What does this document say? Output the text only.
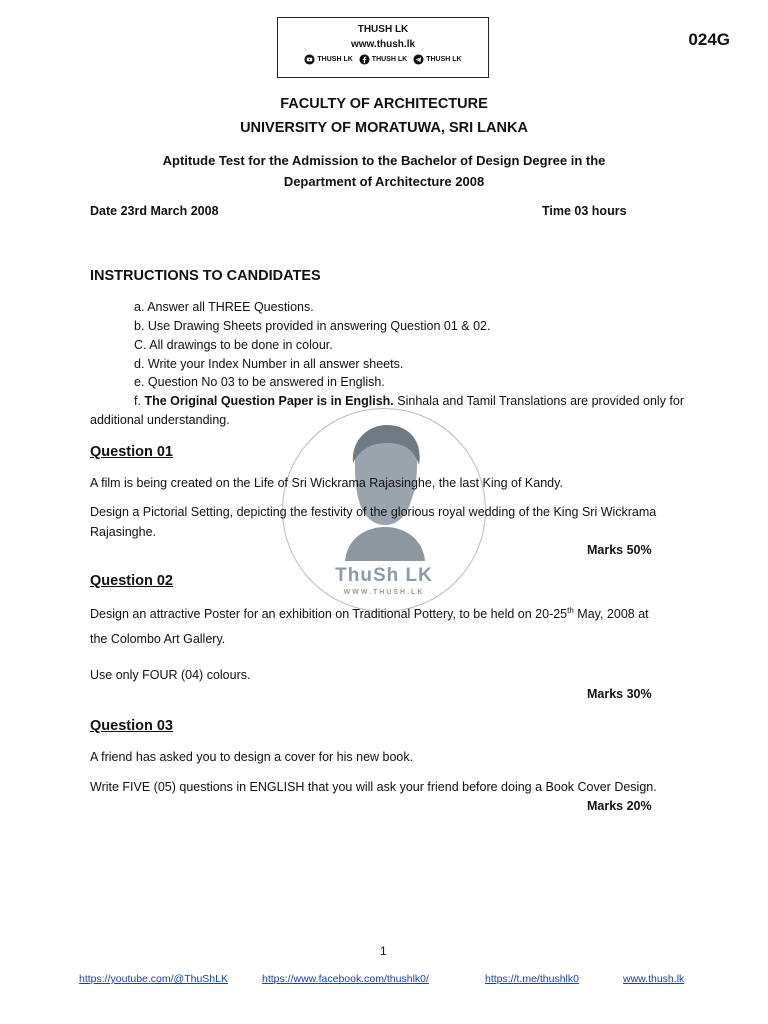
THUSH LK
www.thush.lk
THUSH LK	THUSH LK	THUSH LK
024G
FACULTY OF ARCHITECTURE
UNIVERSITY OF MORATUWA, SRI LANKA
Aptitude Test for the Admission to the Bachelor of Design Degree in the
Department of Architecture 2008
Date 23rd March 2008	Time 03 hours
ThuSh LK
WWW.THUSH.LK
INSTRUCTIONS TO CANDIDATES
a. Answer all THREE Questions.
b. Use Drawing Sheets provided in answering Question 01 & 02.
C. All drawings to be done in colour.
d. Write your Index Number in all answer sheets.
e. Question No 03 to be answered in English.
f. The Original Question Paper is in English. Sinhala and Tamil Translations are provided only for
additional understanding.
Question 01
A film is being created on the Life of Sri Wickrama Rajasinghe, the last King of Kandy.
Design a Pictorial Setting, depicting the festivity of the glorious royal wedding of the King Sri Wickrama
Rajasinghe.
Marks 50%
Question 02
Design an attractive Poster for an exhibition on Traditional Pottery, to be held on 20-25th May, 2008 at
the Colombo Art Gallery.
Use only FOUR (04) colours.
Marks 30%
Question 03
A friend has asked you to design a cover for his new book.
Write FIVE (05) questions in ENGLISH that you will ask your friend before doing a Book Cover Design.
Marks 20%
1
https://youtube.com/@ThuShLK	https://www.facebook.com/thushlk0/	https://t.me/thushlk0	www.thush.lk
